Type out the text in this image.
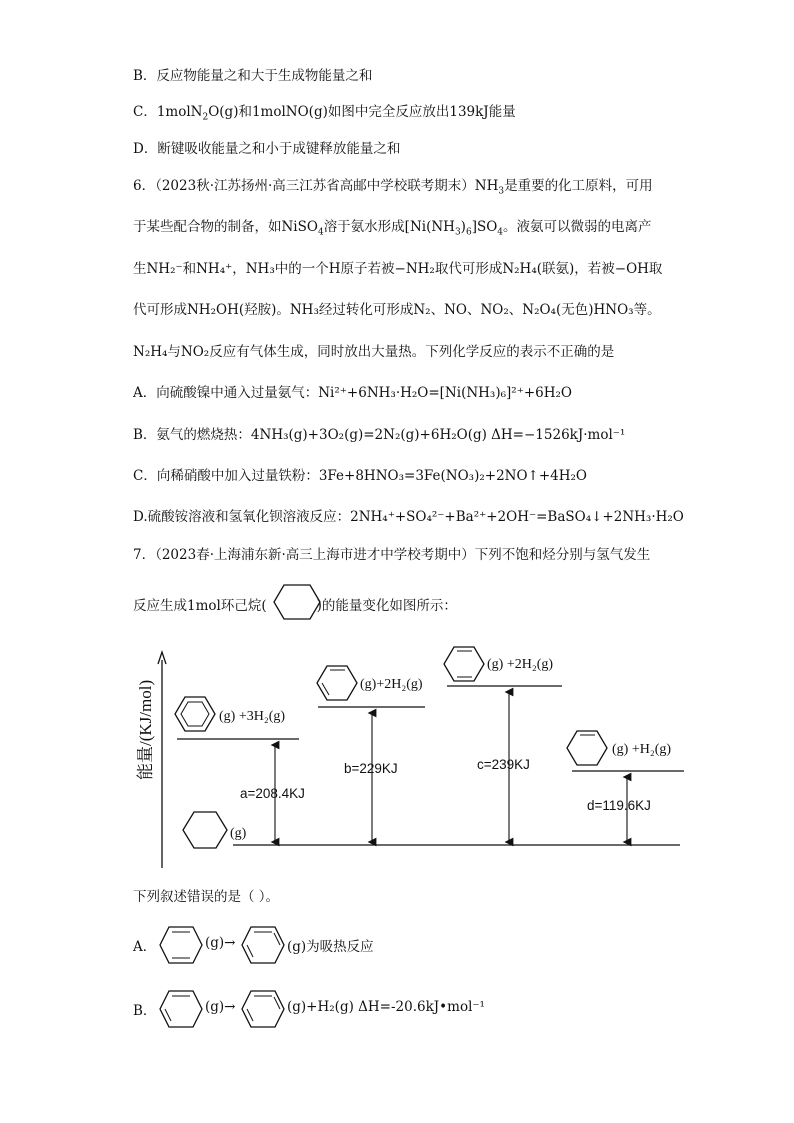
B．反应物能量之和大于生成物能量之和
C．1molN$_2$O(g)和1molNO(g)如图中完全反应放出139kJ能量
D．断键吸收能量之和小于成键释放能量之和
6．（2023秋·江苏扬州·高三江苏省高邮中学校联考期末）$NH_3$是重要的化工原料，可用
于某些配合物的制备，如NiSO$_4$溶于氨水形成$[Ni(NH_3)_6]SO_4$。液氨可以微弱的电离产
生NH₂⁻和NH₄⁺，NH₃中的一个H原子若被−NH₂取代可形成N₂H₄(联氨)，若被−OH取
代可形成NH₂OH(羟胺)。NH₃经过转化可形成N₂、NO、NO₂、N₂O₄(无色)HNO₃等。
N₂H₄与NO₂反应有气体生成，同时放出大量热。下列化学反应的表示不正确的是
A．向硫酸镍中通入过量氨气：Ni²⁺+6NH₃·H₂O=[Ni(NH₃)₆]²⁺+6H₂O
B．氨气的燃烧热：4NH₃(g)+3O₂(g)=2N₂(g)+6H₂O(g) ΔH=−1526kJ·mol⁻¹
C．向稀硝酸中加入过量铁粉：3Fe+8HNO₃=3Fe(NO₃)₂+2NO↑+4H₂O
D.硫酸铵溶液和氢氧化钡溶液反应：2NH₄⁺+SO₄²⁻+Ba²⁺+2OH⁻=BaSO₄↓+2NH₃·H₂O
7．（2023春·上海浦东新·高三上海市进才中学校考期中）下列不饱和烃分别与氢气发生
反应生成1mol环己烷(	)的能量变化如图所示：
能量/(KJ/mol)
(g)
(g) +3H₂(g)
a=208.4KJ
(g)+2H₂(g)
b=229KJ
(g) +2H₂(g)
c=239KJ
(g) +H₂(g)
d=119.6KJ
下列叙述错误的是（ ）。
A．	(g)→	(g)为吸热反应
B．	(g)→	(g)+H₂(g) ΔH=-20.6kJ•mol⁻¹
